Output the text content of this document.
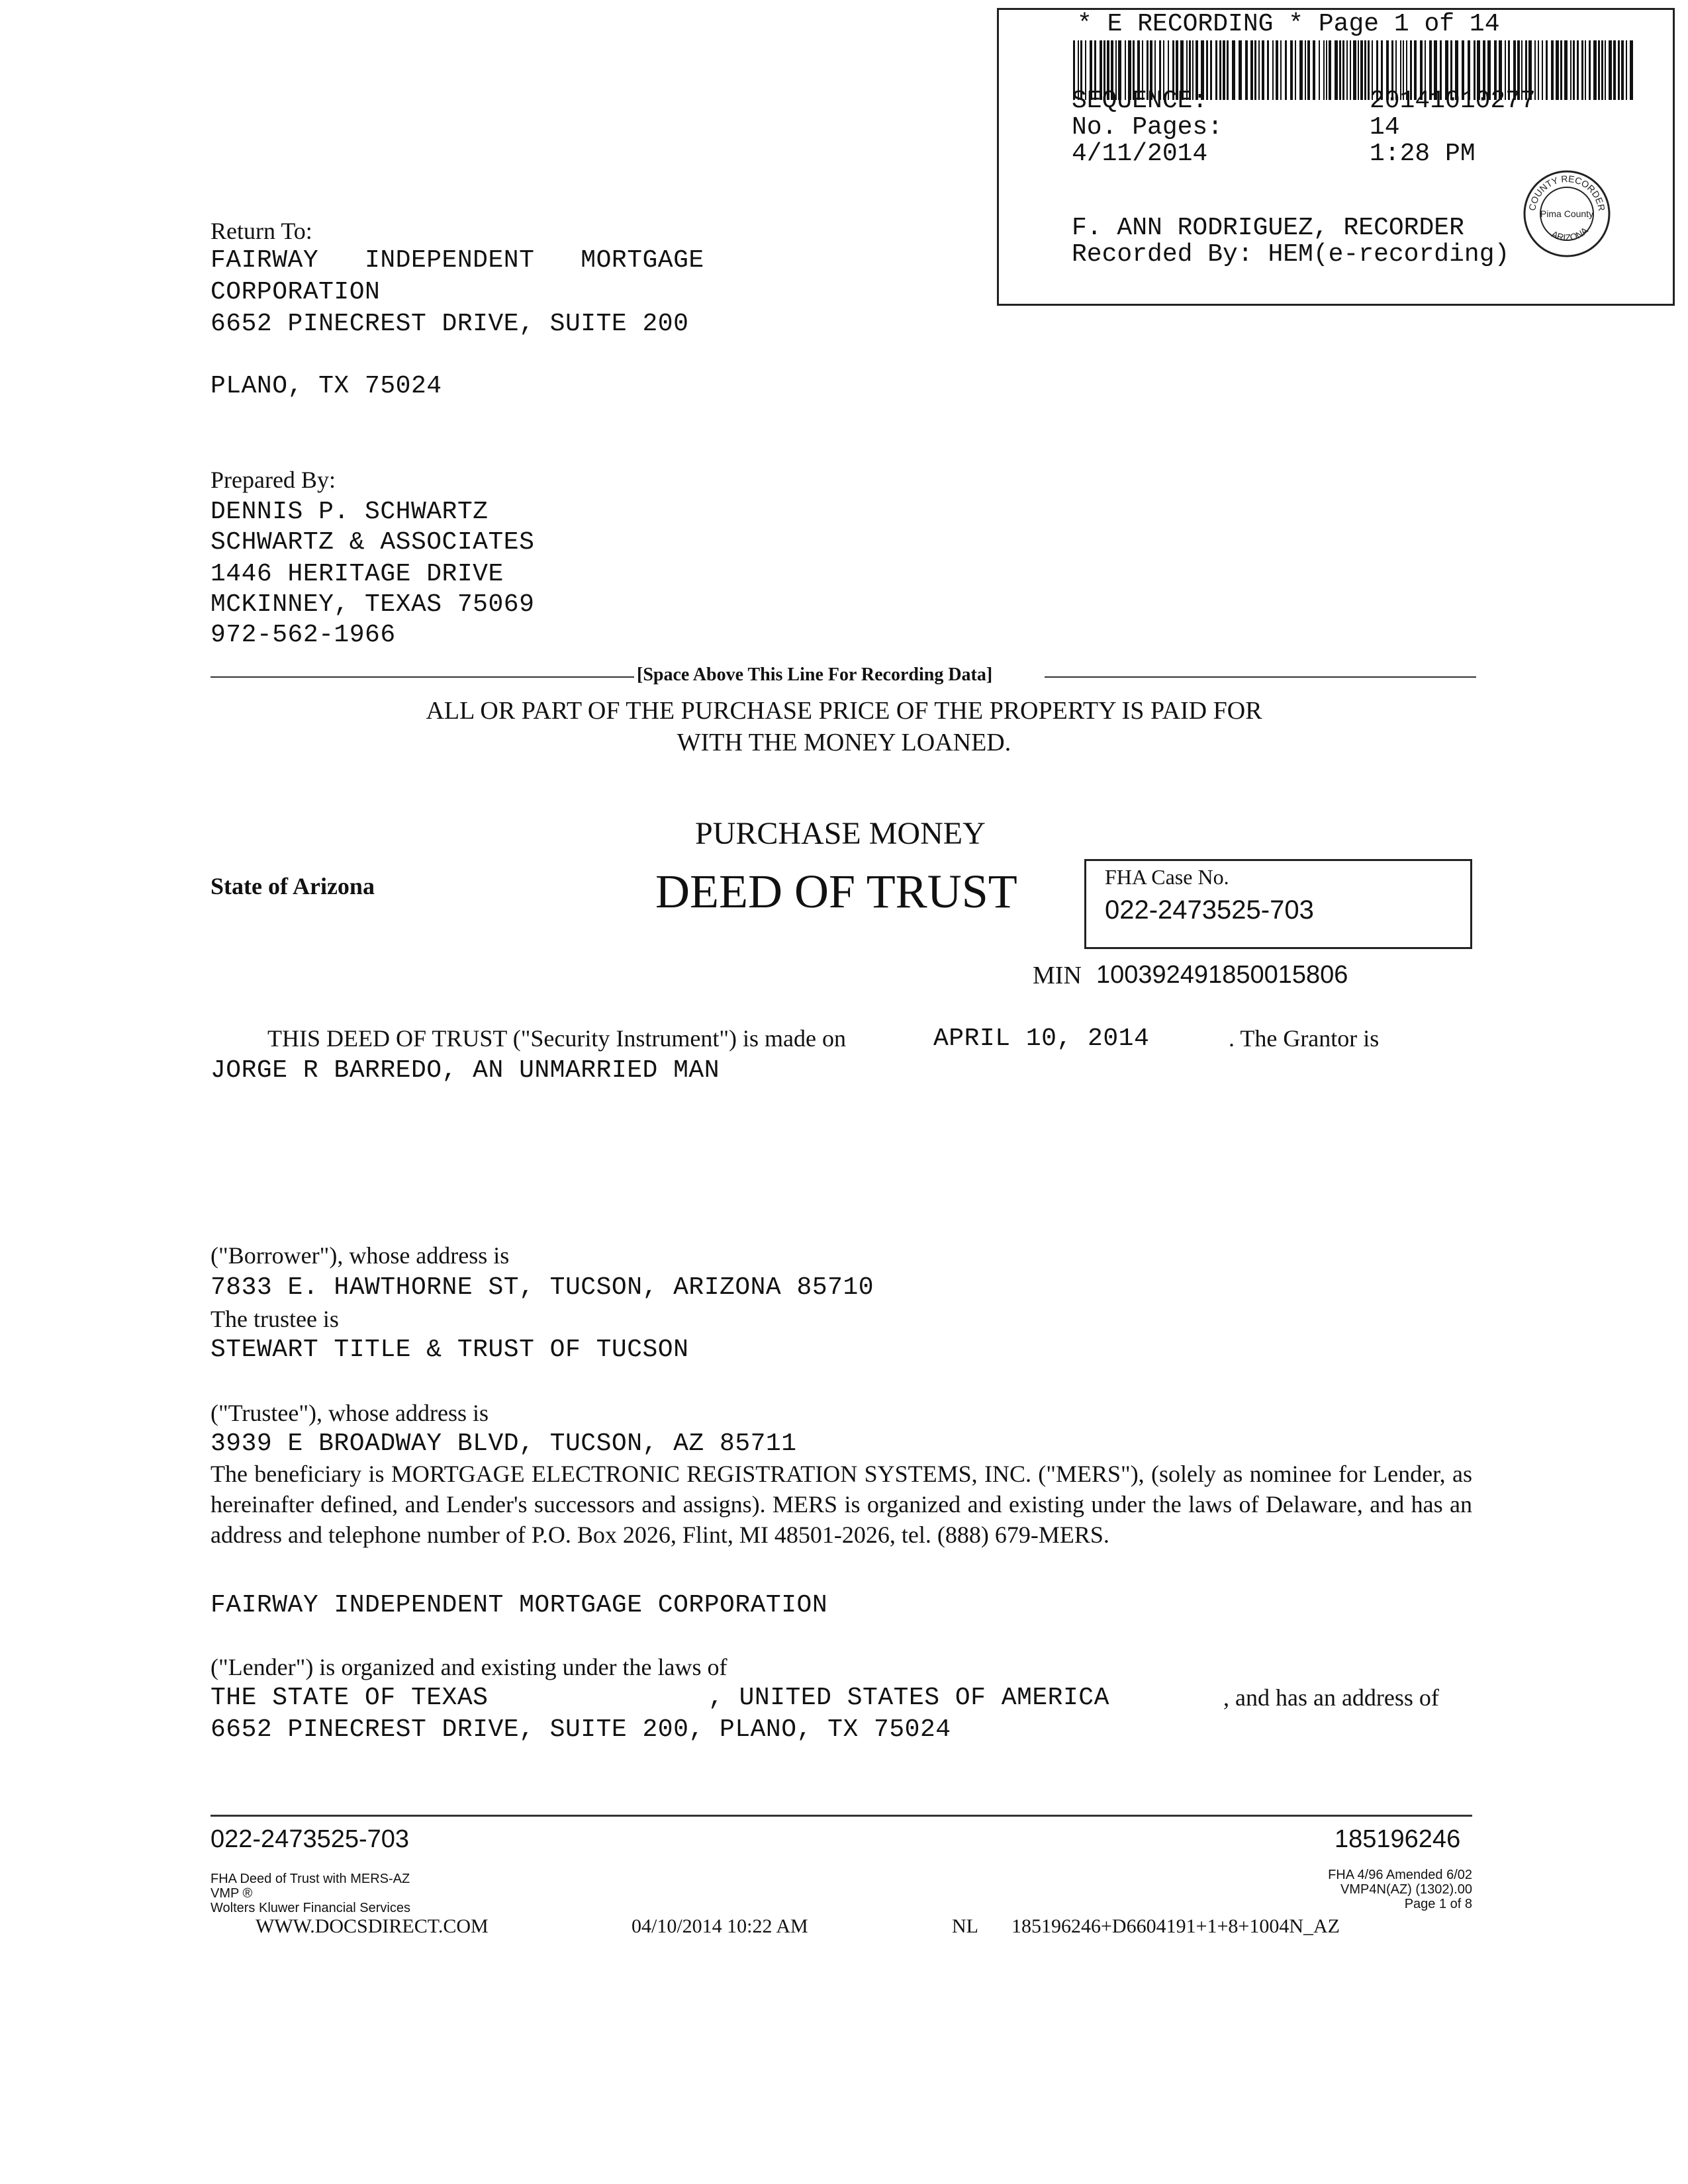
* E RECORDING * Page 1 of 14
SEQUENCE:	20141010277
No. Pages:	14
4/11/2014	1:28 PM
F. ANN RODRIGUEZ, RECORDER
Recorded By: HEM(e-recording)
COUNTY RECORDER
ARIZONA
Pima County
Return To:
FAIRWAY   INDEPENDENT   MORTGAGE
CORPORATION
6652 PINECREST DRIVE, SUITE 200
PLANO, TX 75024
Prepared By:
DENNIS P. SCHWARTZ
SCHWARTZ & ASSOCIATES
1446 HERITAGE DRIVE
MCKINNEY, TEXAS 75069
972-562-1966
[Space Above This Line For Recording Data]
ALL OR PART OF THE PURCHASE PRICE OF THE PROPERTY IS PAID FOR
WITH THE MONEY LOANED.
PURCHASE MONEY
DEED OF TRUST
State of Arizona	FHA Case No.
022-2473525-703
MIN 100392491850015806
THIS DEED OF TRUST ("Security Instrument") is made on	APRIL 10, 2014	. The Grantor is
JORGE R BARREDO, AN UNMARRIED MAN
("Borrower"), whose address is
7833 E. HAWTHORNE ST, TUCSON, ARIZONA 85710
The trustee is
STEWART TITLE & TRUST OF TUCSON
("Trustee"), whose address is
3939 E BROADWAY BLVD, TUCSON, AZ 85711
The beneficiary is MORTGAGE ELECTRONIC REGISTRATION SYSTEMS, INC. ("MERS"), (solely as nominee for Lender, as hereinafter defined, and Lender's successors and assigns). MERS is organized and existing under the laws of Delaware, and has an address and telephone number of P.O. Box 2026, Flint, MI 48501-2026, tel. (888) 679-MERS.
FAIRWAY INDEPENDENT MORTGAGE CORPORATION
("Lender") is organized and existing under the laws of
THE STATE OF TEXAS	, UNITED STATES OF AMERICA	, and has an address of
6652 PINECREST DRIVE, SUITE 200, PLANO, TX 75024
022-2473525-703	185196246
FHA Deed of Trust with MERS-AZ
VMP ®
Wolters Kluwer Financial Services
FHA 4/96 Amended 6/02
VMP4N(AZ) (1302).00
Page 1 of 8
WWW.DOCSDIRECT.COM	04/10/2014 10:22 AM	NL 185196246+D6604191+1+8+1004N_AZ
